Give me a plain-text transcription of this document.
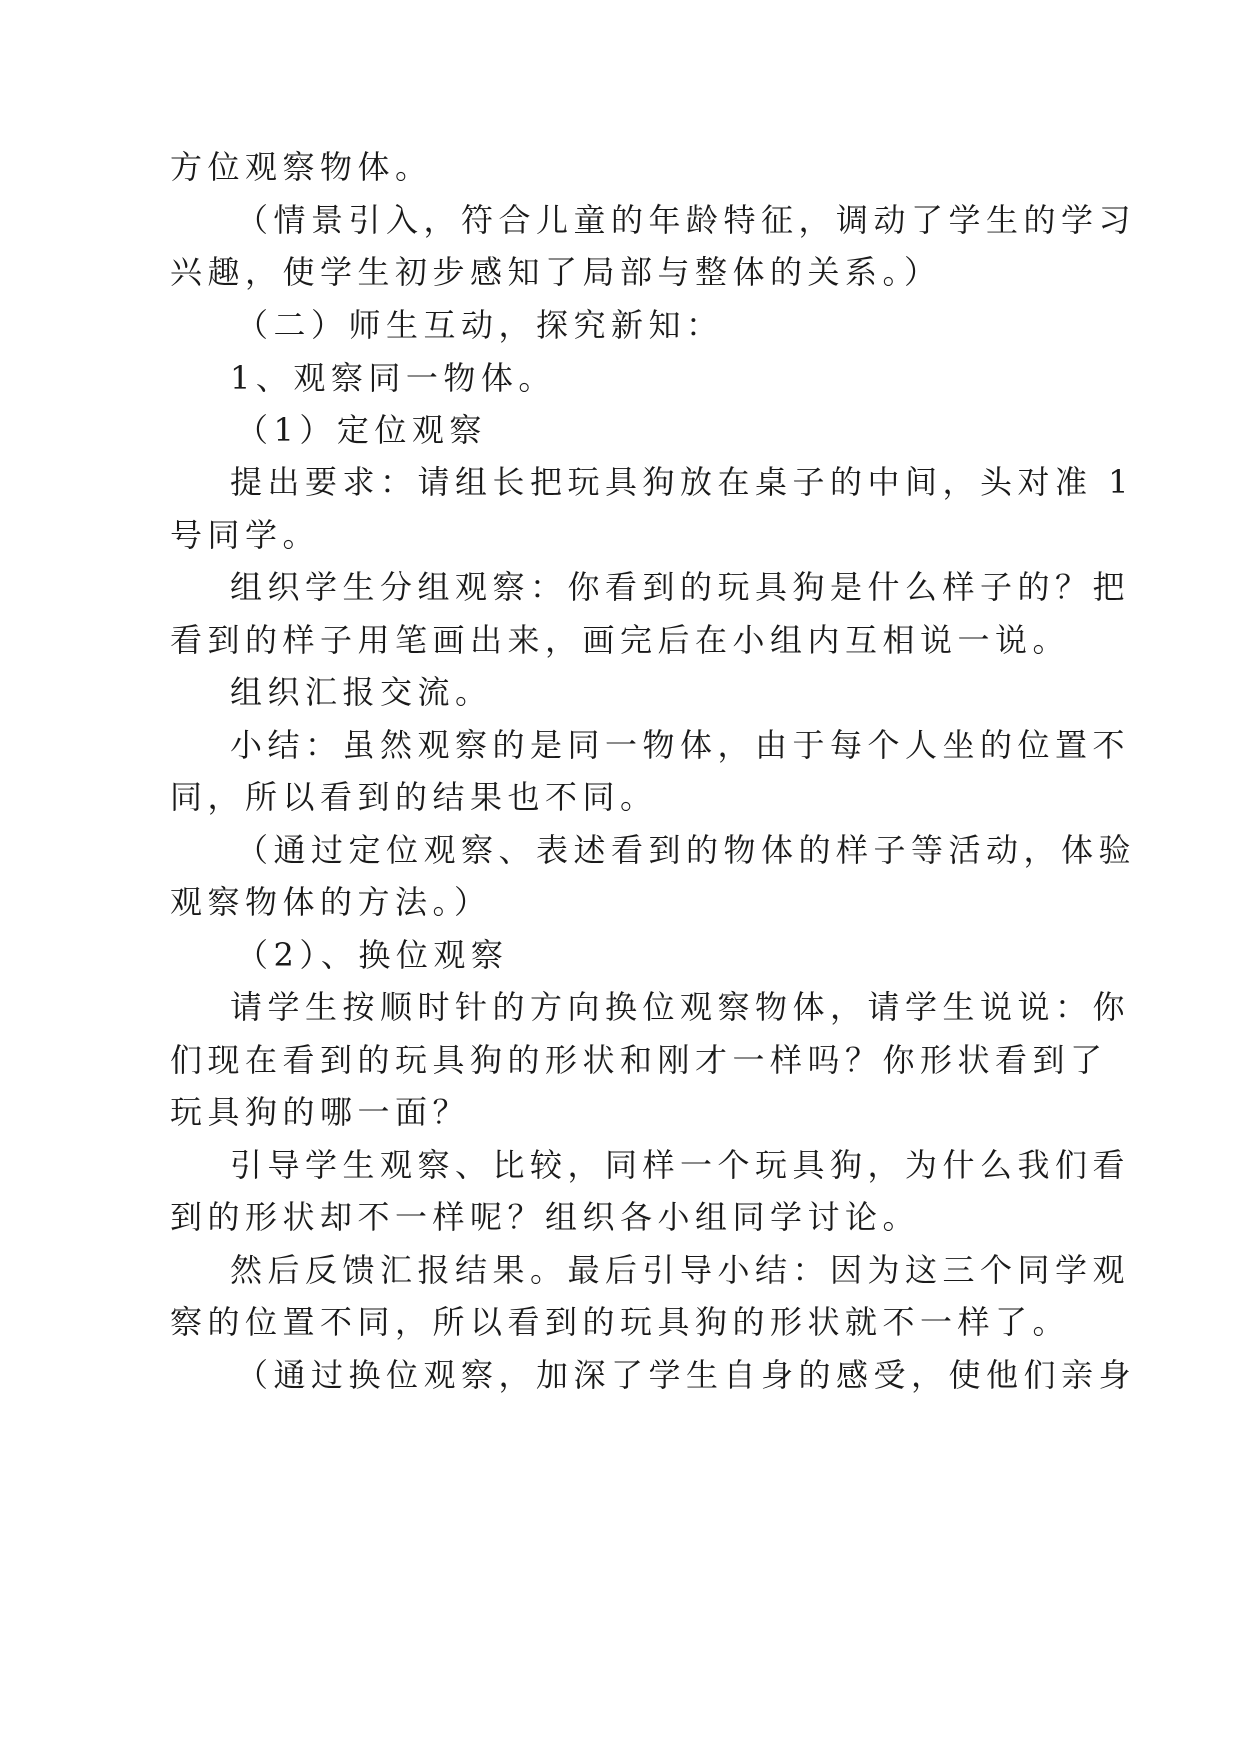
方位观察物体。
（情景引入，符合儿童的年龄特征，调动了学生的学习
兴趣，使学生初步感知了局部与整体的关系。）
（二）师生互动，探究新知：
1、观察同一物体。
（1）定位观察
提出要求：请组长把玩具狗放在桌子的中间，头对准 1
号同学。
组织学生分组观察：你看到的玩具狗是什么样子的？把
看到的样子用笔画出来，画完后在小组内互相说一说。
组织汇报交流。
小结：虽然观察的是同一物体，由于每个人坐的位置不
同，所以看到的结果也不同。
（通过定位观察、表述看到的物体的样子等活动，体验
观察物体的方法。）
（2）、换位观察
请学生按顺时针的方向换位观察物体，请学生说说：你
们现在看到的玩具狗的形状和刚才一样吗？你形状看到了
玩具狗的哪一面？
引导学生观察、比较，同样一个玩具狗，为什么我们看
到的形状却不一样呢？组织各小组同学讨论。
然后反馈汇报结果。最后引导小结：因为这三个同学观
察的位置不同，所以看到的玩具狗的形状就不一样了。
（通过换位观察，加深了学生自身的感受，使他们亲身
